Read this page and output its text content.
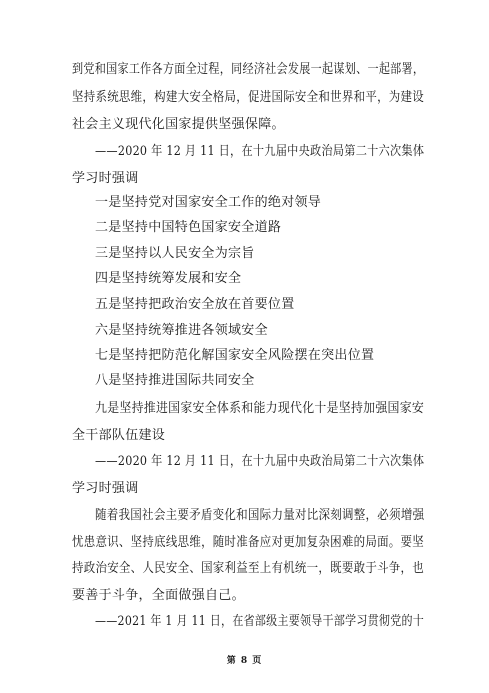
到党和国家工作各方面全过程，同经济社会发展一起谋划、一起部署，
坚持系统思维，构建大安全格局，促进国际安全和世界和平，为建设
社会主义现代化国家提供坚强保障。
——2020 年 12 月 11 日，在十九届中央政治局第二十六次集体
学习时强调
一是坚持党对国家安全工作的绝对领导
二是坚持中国特色国家安全道路
三是坚持以人民安全为宗旨
四是坚持统筹发展和安全
五是坚持把政治安全放在首要位置
六是坚持统筹推进各领域安全
七是坚持把防范化解国家安全风险摆在突出位置
八是坚持推进国际共同安全
九是坚持推进国家安全体系和能力现代化十是坚持加强国家安
全干部队伍建设
——2020 年 12 月 11 日，在十九届中央政治局第二十六次集体
学习时强调
随着我国社会主要矛盾变化和国际力量对比深刻调整，必须增强
忧患意识、坚持底线思维，随时准备应对更加复杂困难的局面。要坚
持政治安全、人民安全、国家利益至上有机统一，既要敢于斗争，也
要善于斗争，全面做强自己。
——2021 年 1 月 11 日，在省部级主要领导干部学习贯彻党的十
第 8 页
